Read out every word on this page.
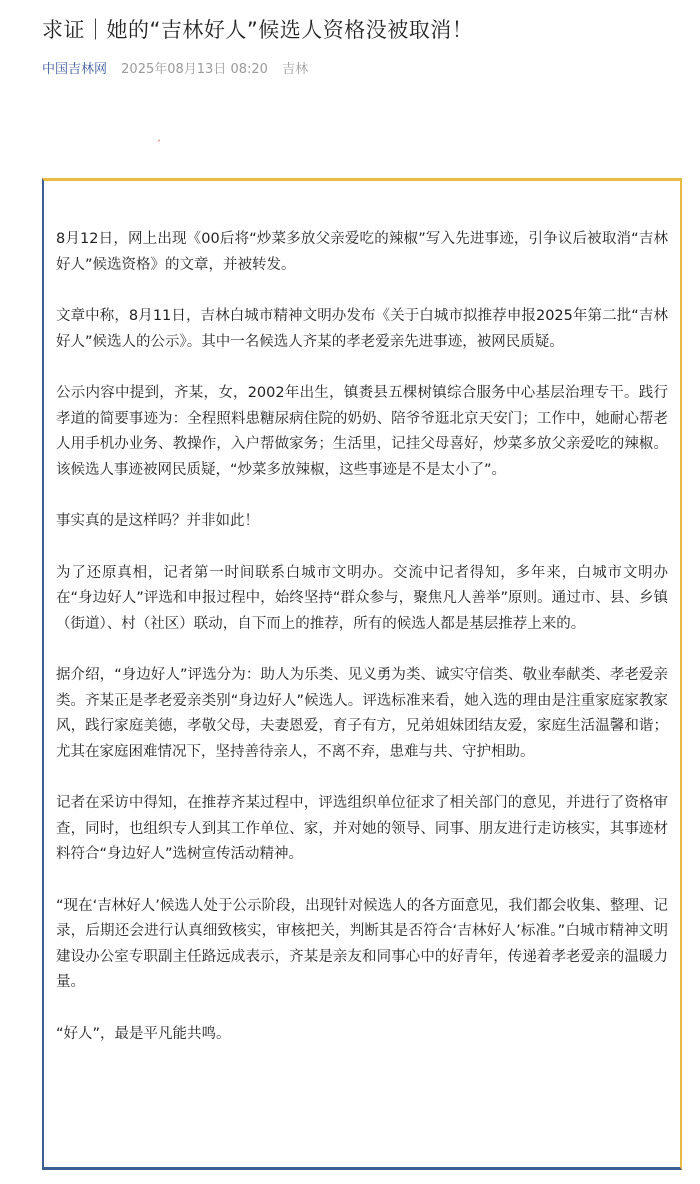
求证｜她的“吉林好人”候选人资格没被取消！
中国吉林网 2025年08月13日 08:20 吉林
ˏ

8月12日，网上出现《00后将“炒菜多放父亲爱吃的辣椒”写入先进事迹，引争议后被取消“吉林好人”候选资格》的文章，并被转发。

文章中称，8月11日，吉林白城市精神文明办发布《关于白城市拟推荐申报2025年第二批“吉林好人”候选人的公示》。其中一名候选人齐某的孝老爱亲先进事迹，被网民质疑。

公示内容中提到，齐某，女，2002年出生，镇赉县五棵树镇综合服务中心基层治理专干。践行孝道的简要事迹为：全程照料患糖尿病住院的奶奶、陪爷爷逛北京天安门；工作中，她耐心帮老人用手机办业务、教操作，入户帮做家务；生活里，记挂父母喜好，炒菜多放父亲爱吃的辣椒。该候选人事迹被网民质疑，“炒菜多放辣椒，这些事迹是不是太小了”。

事实真的是这样吗？并非如此！

为了还原真相，记者第一时间联系白城市文明办。交流中记者得知，多年来，白城市文明办在“身边好人”评选和申报过程中，始终坚持“群众参与，聚焦凡人善举”原则。通过市、县、乡镇（街道）、村（社区）联动，自下而上的推荐，所有的候选人都是基层推荐上来的。

据介绍，“身边好人”评选分为：助人为乐类、见义勇为类、诚实守信类、敬业奉献类、孝老爱亲类。齐某正是孝老爱亲类别“身边好人”候选人。评选标准来看，她入选的理由是注重家庭家教家风，践行家庭美德，孝敬父母，夫妻恩爱，育子有方，兄弟姐妹团结友爱，家庭生活温馨和谐；尤其在家庭困难情况下，坚持善待亲人，不离不弃，患难与共、守护相助。

记者在采访中得知，在推荐齐某过程中，评选组织单位征求了相关部门的意见，并进行了资格审查，同时，也组织专人到其工作单位、家，并对她的领导、同事、朋友进行走访核实，其事迹材料符合“身边好人”选树宣传活动精神。

“现在‘吉林好人’候选人处于公示阶段，出现针对候选人的各方面意见，我们都会收集、整理、记录，后期还会进行认真细致核实，审核把关，判断其是否符合‘吉林好人’标准。”白城市精神文明建设办公室专职副主任路远成表示，齐某是亲友和同事心中的好青年，传递着孝老爱亲的温暖力量。

“好人”，最是平凡能共鸣。
